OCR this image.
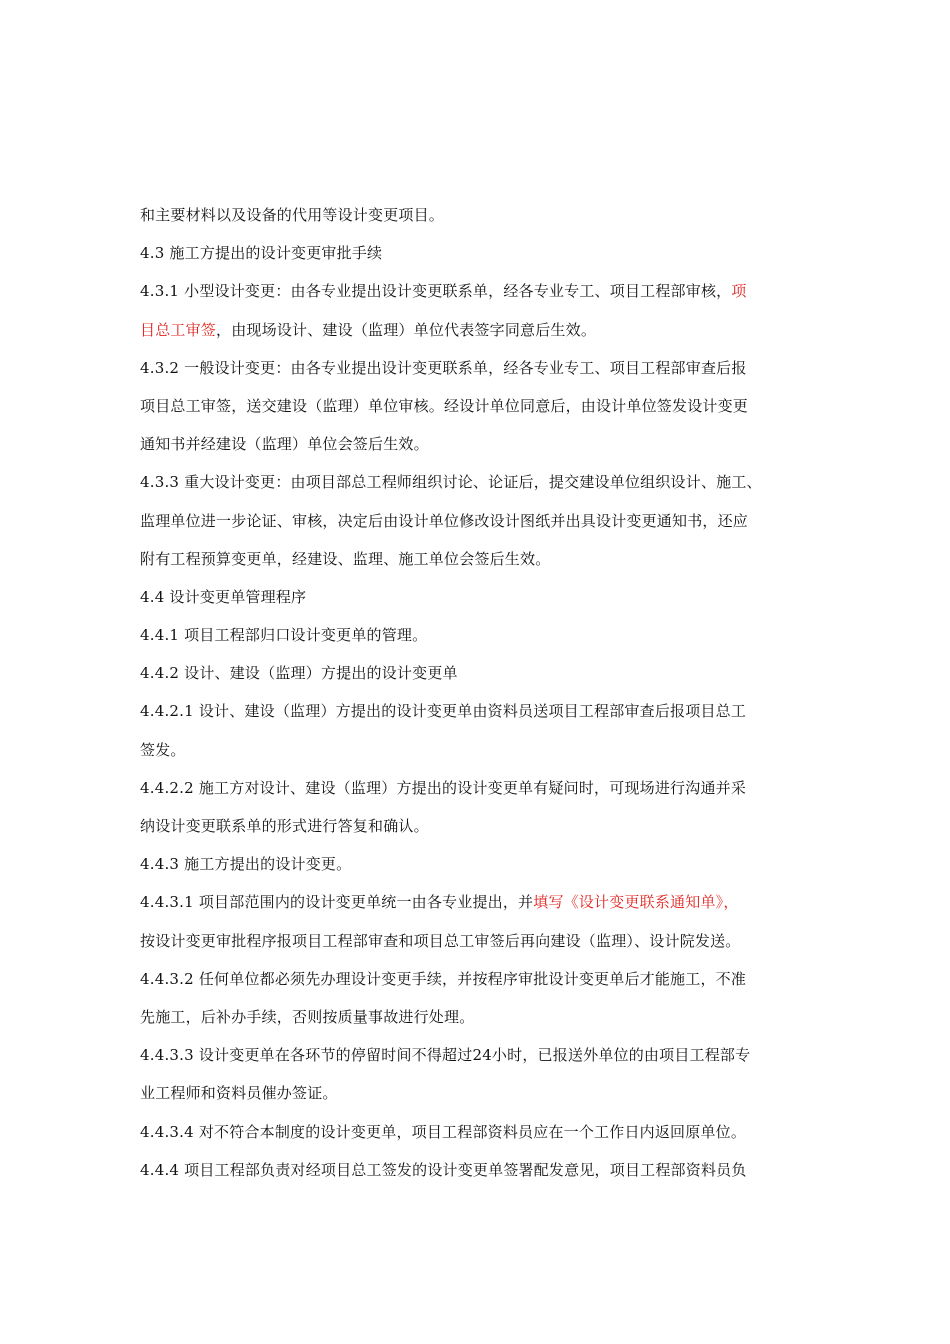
和主要材料以及设备的代用等设计变更项目。
4.3 施工方提出的设计变更审批手续
4.3.1 小型设计变更：由各专业提出设计变更联系单，经各专业专工、项目工程部审核，项
目总工审签，由现场设计、建设（监理）单位代表签字同意后生效。
4.3.2 一般设计变更：由各专业提出设计变更联系单，经各专业专工、项目工程部审查后报
项目总工审签，送交建设（监理）单位审核。经设计单位同意后，由设计单位签发设计变更
通知书并经建设（监理）单位会签后生效。
4.3.3 重大设计变更：由项目部总工程师组织讨论、论证后，提交建设单位组织设计、施工、
监理单位进一步论证、审核，决定后由设计单位修改设计图纸并出具设计变更通知书，还应
附有工程预算变更单，经建设、监理、施工单位会签后生效。
4.4 设计变更单管理程序
4.4.1 项目工程部归口设计变更单的管理。
4.4.2 设计、建设（监理）方提出的设计变更单
4.4.2.1 设计、建设（监理）方提出的设计变更单由资料员送项目工程部审查后报项目总工
签发。
4.4.2.2 施工方对设计、建设（监理）方提出的设计变更单有疑问时，可现场进行沟通并采
纳设计变更联系单的形式进行答复和确认。
4.4.3 施工方提出的设计变更。
4.4.3.1 项目部范围内的设计变更单统一由各专业提出，并填写《设计变更联系通知单》，
按设计变更审批程序报项目工程部审查和项目总工审签后再向建设（监理）、设计院发送。
4.4.3.2 任何单位都必须先办理设计变更手续，并按程序审批设计变更单后才能施工，不准
先施工，后补办手续，否则按质量事故进行处理。
4.4.3.3 设计变更单在各环节的停留时间不得超过24小时，已报送外单位的由项目工程部专
业工程师和资料员催办签证。
4.4.3.4 对不符合本制度的设计变更单，项目工程部资料员应在一个工作日内返回原单位。
4.4.4 项目工程部负责对经项目总工签发的设计变更单签署配发意见，项目工程部资料员负
